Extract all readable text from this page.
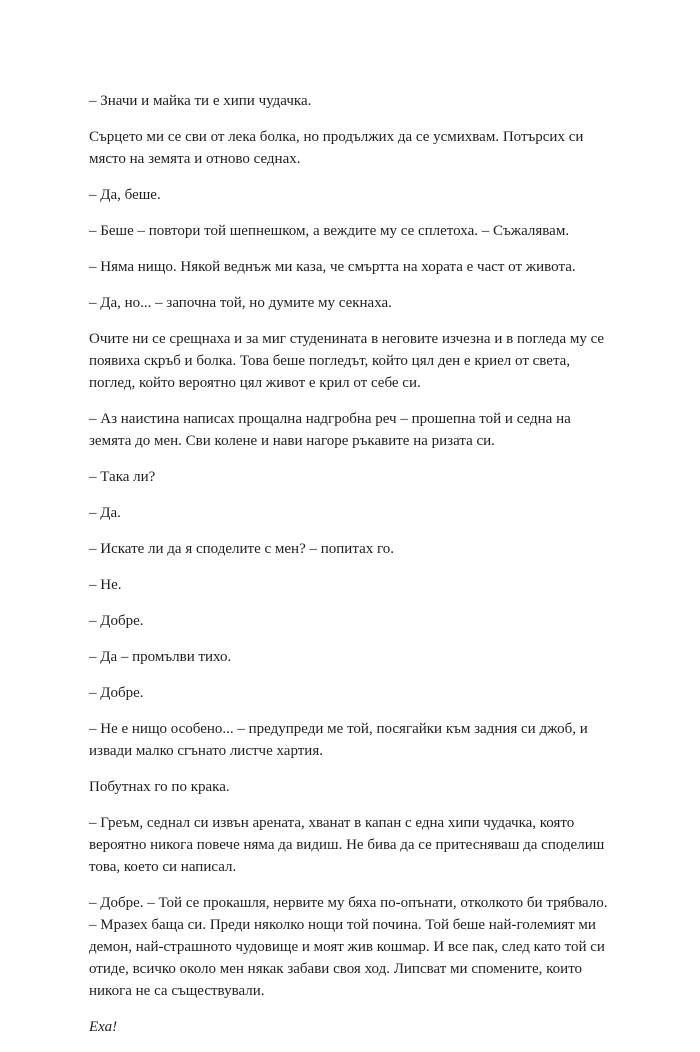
– Значи и майка ти е хипи чудачка.

Сърцето ми се сви от лека болка, но продължих да се усмихвам. Потърсих си място на земята и отново седнах.

– Да, беше.

– Беше – повтори той шепнешком, а веждите му се сплетоха. – Съжалявам.

– Няма нищо. Някой веднъж ми каза, че смъртта на хората е част от живота.

– Да, но... – започна той, но думите му секнаха.

Очите ни се срещнаха и за миг студенината в неговите изчезна и в погледа му се появиха скръб и болка. Това беше погледът, който цял ден е криел от света, поглед, който вероятно цял живот е крил от себе си.

– Аз наистина написах прощална надгробна реч – прошепна той и седна на земята до мен. Сви колене и нави нагоре ръкавите на ризата си.

– Така ли?

– Да.

– Искате ли да я споделите с мен? – попитах го.

– Не.

– Добре.

– Да – промълви тихо.

– Добре.

– Не е нищо особено... – предупреди ме той, посягайки към задния си джоб, и извади малко сгънато листче хартия.

Побутнах го по крака.

– Греъм, седнал си извън арената, хванат в капан с една хипи чудачка, която вероятно никога повече няма да видиш. Не бива да се притесняваш да споделиш това, което си написал.

– Добре. – Той се прокашля, нервите му бяха по-опънати, отколкото би трябвало. – Мразех баща си. Преди няколко нощи той почина. Той беше най-големият ми демон, най-страшното чудовище и моят жив кошмар. И все пак, след като той си отиде, всичко около мен някак забави своя ход. Липсват ми спомените, които никога не са съществували.

Еха!
